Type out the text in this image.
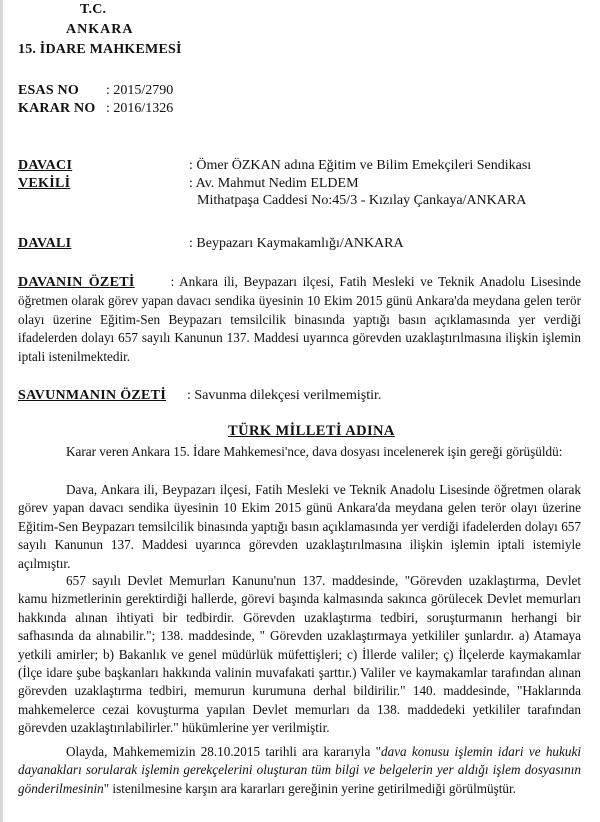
T.C.
ANKARA
15. İDARE MAHKEMESİ
ESAS NO : 2015/2790
KARAR NO : 2016/1326
DAVACI	: Ömer ÖZKAN adına Eğitim ve Bilim Emekçileri Sendikası
VEKİLİ	: Av. Mahmut Nedim ELDEM
Mithatpaşa Caddesi No:45/3 - Kızılay Çankaya/ANKARA
DAVALI	: Beypazarı Kaymakamlığı/ANKARA
DAVANIN ÖZETİ	: Ankara ili, Beypazarı ilçesi, Fatih Mesleki ve Teknik Anadolu Lisesinde öğretmen olarak görev yapan davacı sendika üyesinin 10 Ekim 2015 günü Ankara'da meydana gelen terör olayı üzerine Eğitim-Sen Beypazarı temsilcilik binasında yaptığı basın açıklamasında yer verdiği ifadelerden dolayı 657 sayılı Kanunun 137. Maddesi uyarınca görevden uzaklaştırılmasına ilişkin işlemin iptali istenilmektedir.
SAVUNMANIN ÖZETİ : Savunma dilekçesi verilmemiştir.
TÜRK MİLLETİ ADINA
Karar veren Ankara 15. İdare Mahkemesi'nce, dava dosyası incelenerek işin gereği görüşüldü:
Dava, Ankara ili, Beypazarı ilçesi, Fatih Mesleki ve Teknik Anadolu Lisesinde öğretmen olarak görev yapan davacı sendika üyesinin 10 Ekim 2015 günü Ankara'da meydana gelen terör olayı üzerine Eğitim-Sen Beypazarı temsilcilik binasında yaptığı basın açıklamasında yer verdiği ifadelerden dolayı 657 sayılı Kanunun 137. Maddesi uyarınca görevden uzaklaştırılmasına ilişkin işlemin iptali istemiyle açılmıştır.
657 sayılı Devlet Memurları Kanunu'nun 137. maddesinde, "Görevden uzaklaştırma, Devlet kamu hizmetlerinin gerektirdiği hallerde, görevi başında kalmasında sakınca görülecek Devlet memurları hakkında alınan ihtiyati bir tedbirdir. Görevden uzaklaştırma tedbiri, soruşturmanın herhangi bir safhasında da alınabilir."; 138. maddesinde, " Görevden uzaklaştırmaya yetkililer şunlardır. a) Atamaya yetkili amirler; b) Bakanlık ve genel müdürlük müfettişleri; c) İllerde valiler; ç) İlçelerde kaymakamlar (İlçe idare şube başkanları hakkında valinin muvafakati şarttır.) Valiler ve kaymakamlar tarafından alınan görevden uzaklaştırma tedbiri, memurun kurumuna derhal bildirilir." 140. maddesinde, "Haklarında mahkemelerce cezai kovuşturma yapılan Devlet memurları da 138. maddedeki yetkililer tarafından görevden uzaklaştırılabilirler." hükümlerine yer verilmiştir.
Olayda, Mahkememizin 28.10.2015 tarihli ara kararıyla "dava konusu işlemin idari ve hukuki dayanakları sorularak işlemin gerekçelerini oluşturan tüm bilgi ve belgelerin yer aldığı işlem dosyasının gönderilmesinin" istenilmesine karşın ara kararları gereğinin yerine getirilmediği görülmüştür.
